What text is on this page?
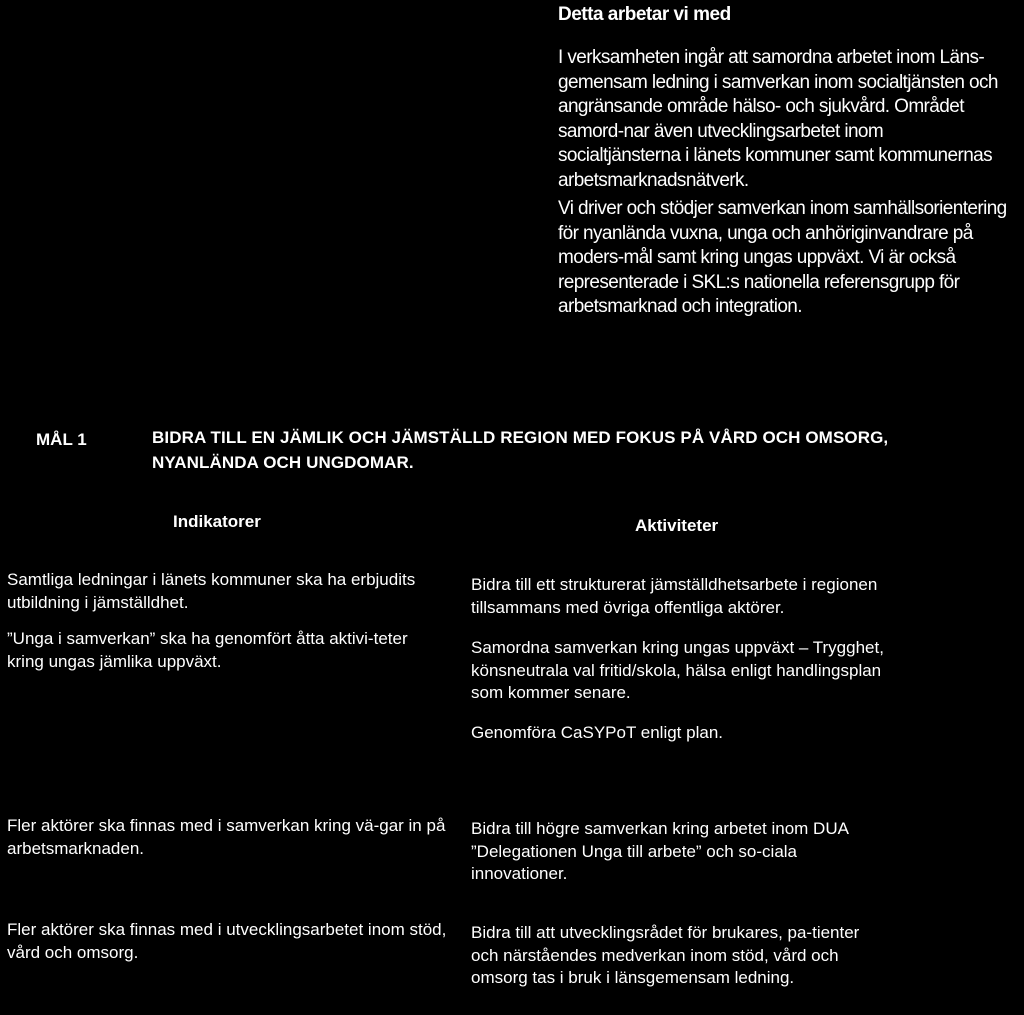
Detta arbetar vi med

I verksamheten ingår att samordna arbetet inom Läns-gemensam ledning i samverkan inom socialtjänsten och angränsande område hälso- och sjukvård. Området samord-nar även utvecklingsarbetet inom socialtjänsterna i länets kommuner samt kommunernas arbetsmarknadsnätverk.

Vi driver och stödjer samverkan inom samhällsorientering för nyanlända vuxna, unga och anhöriginvandrare på moders-mål samt kring ungas uppväxt. Vi är också representerade i SKL:s nationella referensgrupp för arbetsmarknad och integration.

MÅL 1	BIDRA TILL EN JÄMLIK OCH JÄMSTÄLLD REGION MED FOKUS PÅ VÅRD OCH OMSORG, NYANLÄNDA OCH UNGDOMAR.
Indikatorer	Aktiviteter

Samtliga ledningar i länets kommuner ska ha erbjudits utbildning i jämställdhet.

”Unga i samverkan” ska ha genomfört åtta aktivi-teter kring ungas jämlika uppväxt.

Bidra till ett strukturerat jämställdhetsarbete i regionen tillsammans med övriga offentliga aktörer.

Samordna samverkan kring ungas uppväxt – Trygghet, könsneutrala val fritid/skola, hälsa enligt handlingsplan som kommer senare.

Genomföra CaSYPoT enligt plan.

Fler aktörer ska finnas med i samverkan kring vä-gar in på arbetsmarknaden.

Bidra till högre samverkan kring arbetet inom DUA ”Delegationen Unga till arbete” och so-ciala innovationer.

Fler aktörer ska finnas med i utvecklingsarbetet inom stöd, vård och omsorg.

Bidra till att utvecklingsrådet för brukares, pa-tienter och närståendes medverkan inom stöd, vård och omsorg tas i bruk i länsgemensam ledning.
